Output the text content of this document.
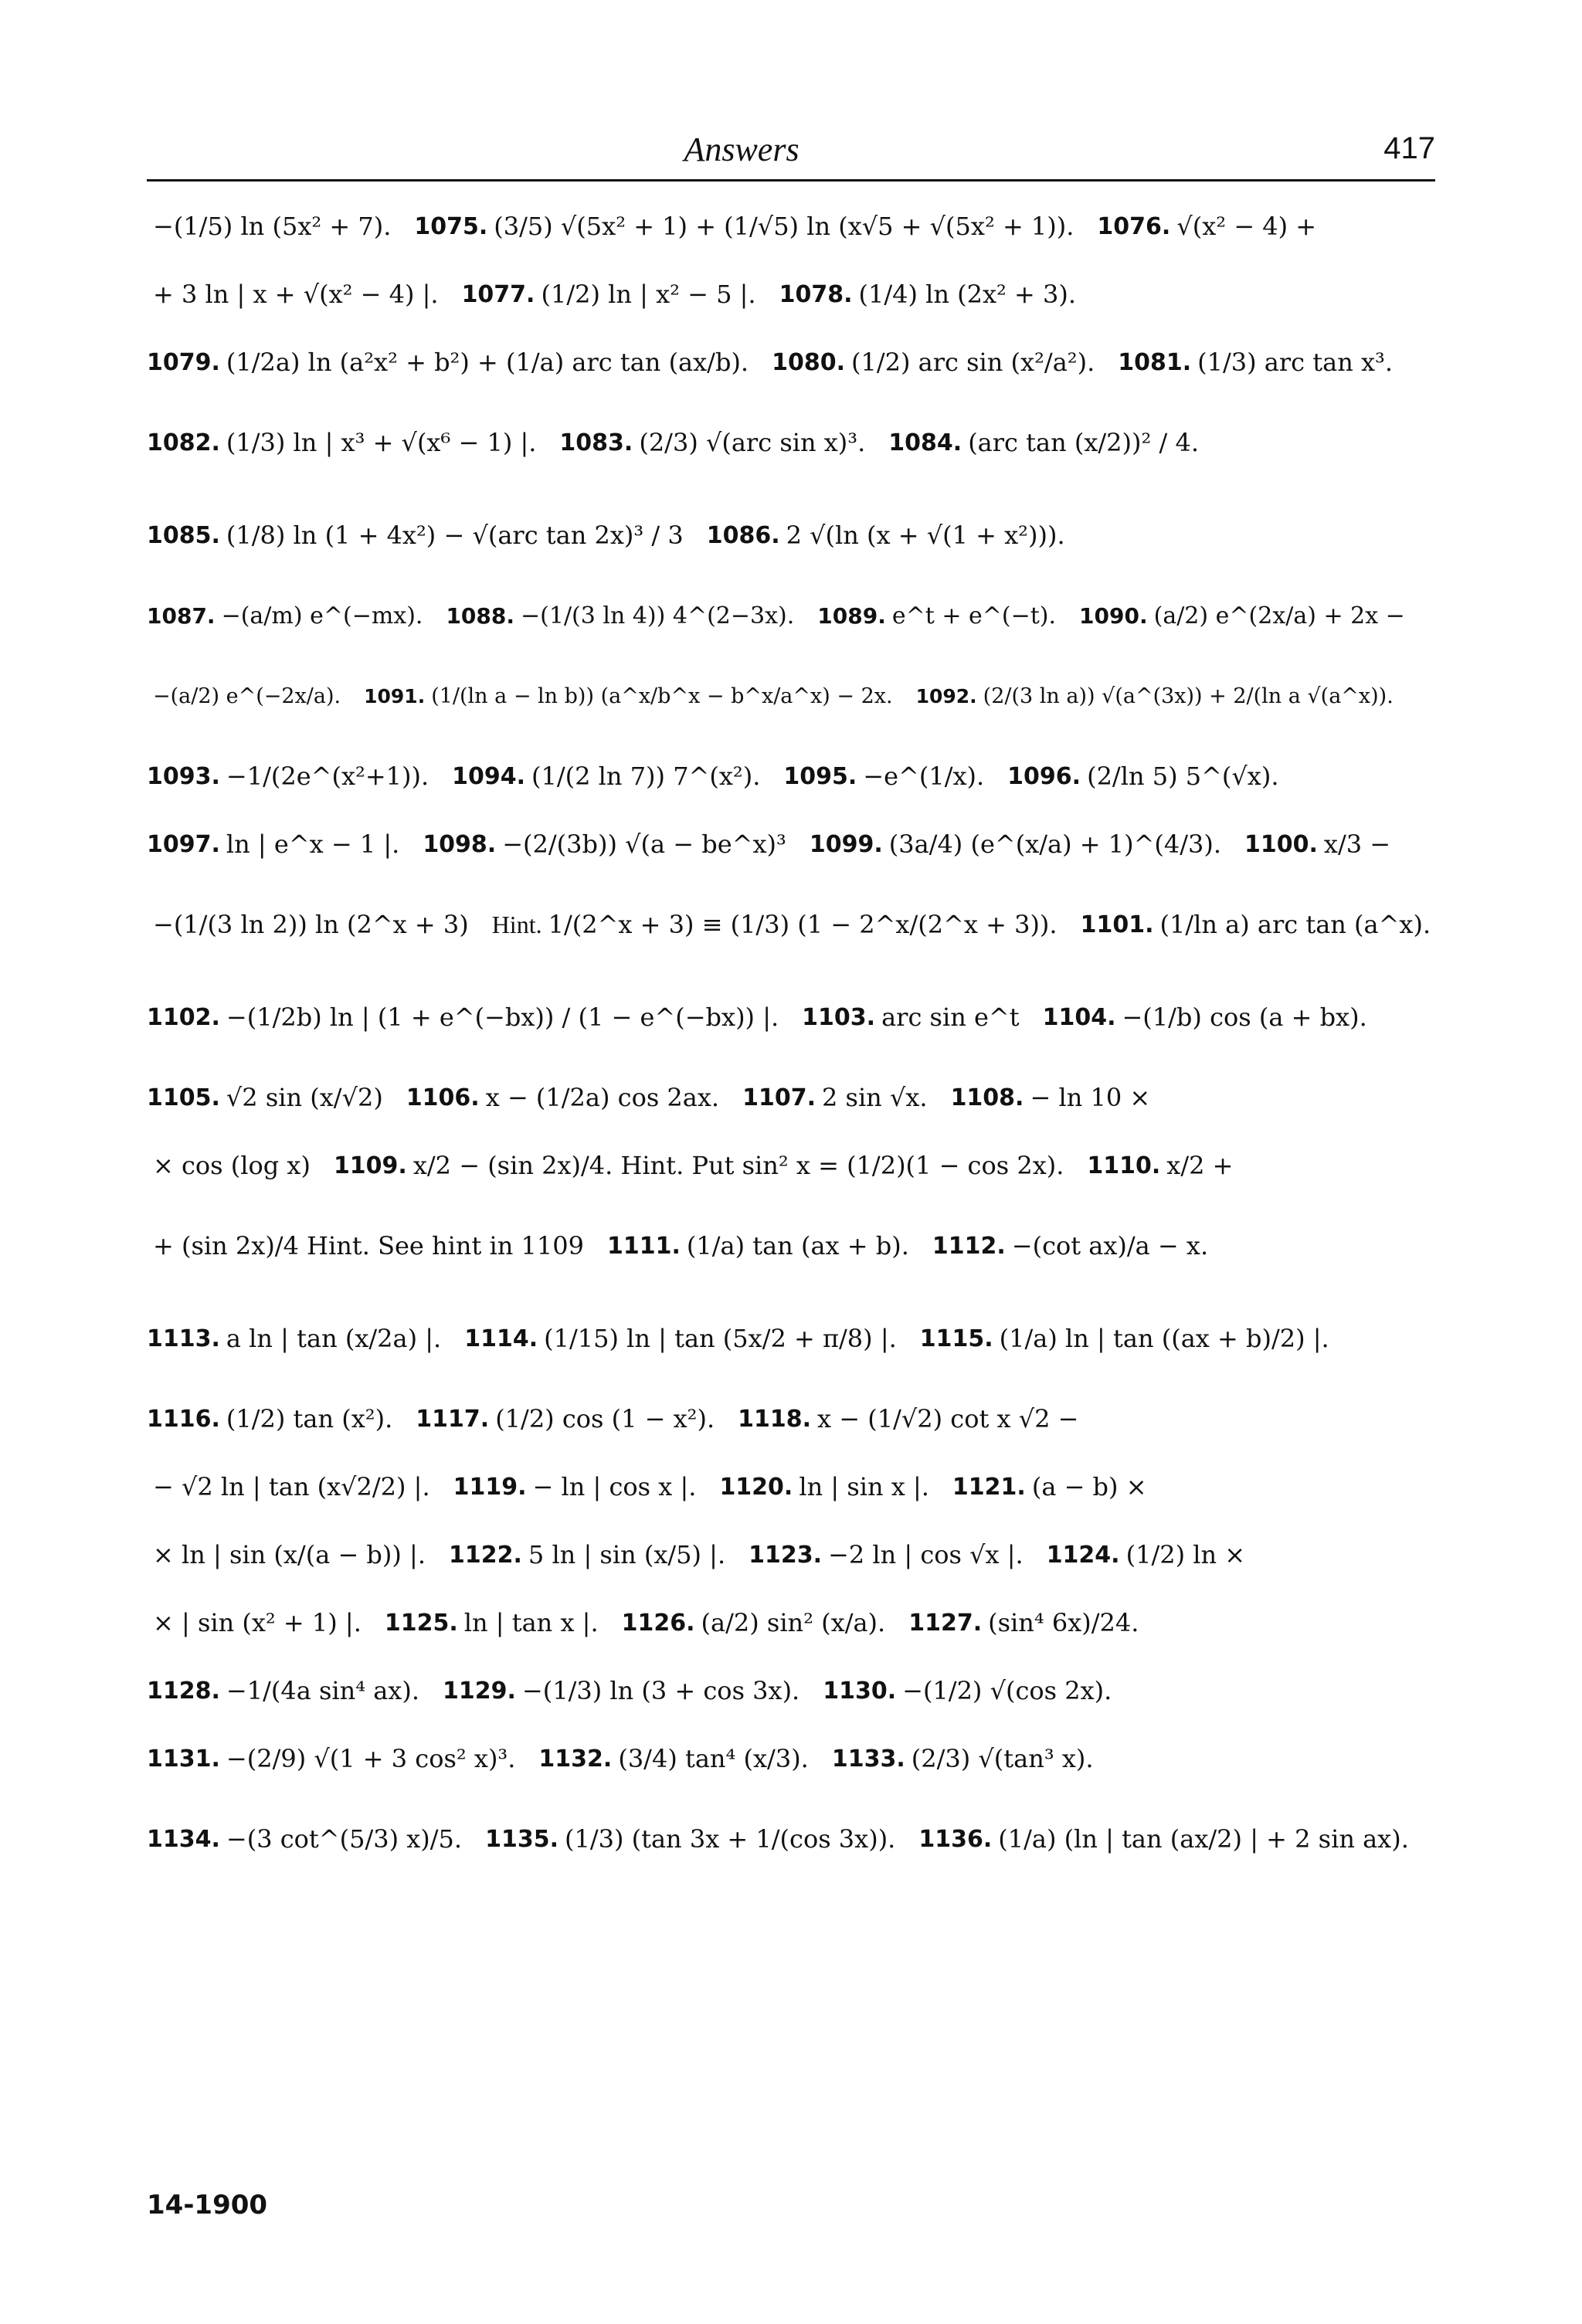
Answers	417
−(1/5) ln (5x² + 7). 1075. (3/5) √(5x² + 1) + (1/√5) ln (x√5 + √(5x² + 1)). 1076. √(x² − 4) +
+ 3 ln | x + √(x² − 4) |. 1077. (1/2) ln | x² − 5 |. 1078. (1/4) ln (2x² + 3).
1079. (1/2a) ln (a²x² + b²) + (1/a) arc tan (ax/b). 1080. (1/2) arc sin (x²/a²). 1081. (1/3) arc tan x³.
1082. (1/3) ln | x³ + √(x⁶ − 1) |. 1083. (2/3) √(arc sin x)³. 1084. (arc tan (x/2))² / 4.
1085. (1/8) ln (1 + 4x²) − √(arc tan 2x)³ / 3 1086. 2 √(ln (x + √(1 + x²))).
1087. −(a/m) e^(−mx). 1088. −(1/(3 ln 4)) 4^(2−3x). 1089. e^t + e^(−t). 1090. (a/2) e^(2x/a) + 2x −
−(a/2) e^(−2x/a). 1091. (1/(ln a − ln b)) (a^x/b^x − b^x/a^x) − 2x. 1092. (2/(3 ln a)) √(a^(3x)) + 2/(ln a √(a^x)).
1093. −1/(2e^(x²+1)). 1094. (1/(2 ln 7)) 7^(x²). 1095. −e^(1/x). 1096. (2/ln 5) 5^(√x).
1097. ln | e^x − 1 |. 1098. −(2/(3b)) √(a − be^x)³ 1099. (3a/4) (e^(x/a) + 1)^(4/3). 1100. x/3 −
−(1/(3 ln 2)) ln (2^x + 3) Hint. 1/(2^x + 3) ≡ (1/3) (1 − 2^x/(2^x + 3)). 1101. (1/ln a) arc tan (a^x).
1102. −(1/2b) ln | (1 + e^(−bx)) / (1 − e^(−bx)) |. 1103. arc sin e^t 1104. −(1/b) cos (a + bx).
1105. √2 sin (x/√2) 1106. x − (1/2a) cos 2ax. 1107. 2 sin √x. 1108. − ln 10 ×
× cos (log x) 1109. x/2 − (sin 2x)/4. Hint. Put sin² x = (1/2)(1 − cos 2x). 1110. x/2 +
+ (sin 2x)/4 Hint. See hint in 1109 1111. (1/a) tan (ax + b). 1112. −(cot ax)/a − x.
1113. a ln | tan (x/2a) |. 1114. (1/15) ln | tan (5x/2 + π/8) |. 1115. (1/a) ln | tan ((ax + b)/2) |.
1116. (1/2) tan (x²). 1117. (1/2) cos (1 − x²). 1118. x − (1/√2) cot x √2 −
− √2 ln | tan (x√2/2) |. 1119. − ln | cos x |. 1120. ln | sin x |. 1121. (a − b) ×
× ln | sin (x/(a − b)) |. 1122. 5 ln | sin (x/5) |. 1123. −2 ln | cos √x |. 1124. (1/2) ln ×
× | sin (x² + 1) |. 1125. ln | tan x |. 1126. (a/2) sin² (x/a). 1127. (sin⁴ 6x)/24.
1128. −1/(4a sin⁴ ax). 1129. −(1/3) ln (3 + cos 3x). 1130. −(1/2) √(cos 2x).
1131. −(2/9) √(1 + 3 cos² x)³. 1132. (3/4) tan⁴ (x/3). 1133. (2/3) √(tan³ x).
1134. −(3 cot^(5/3) x)/5. 1135. (1/3) (tan 3x + 1/(cos 3x)). 1136. (1/a) (ln | tan (ax/2) | + 2 sin ax).
14-1900
